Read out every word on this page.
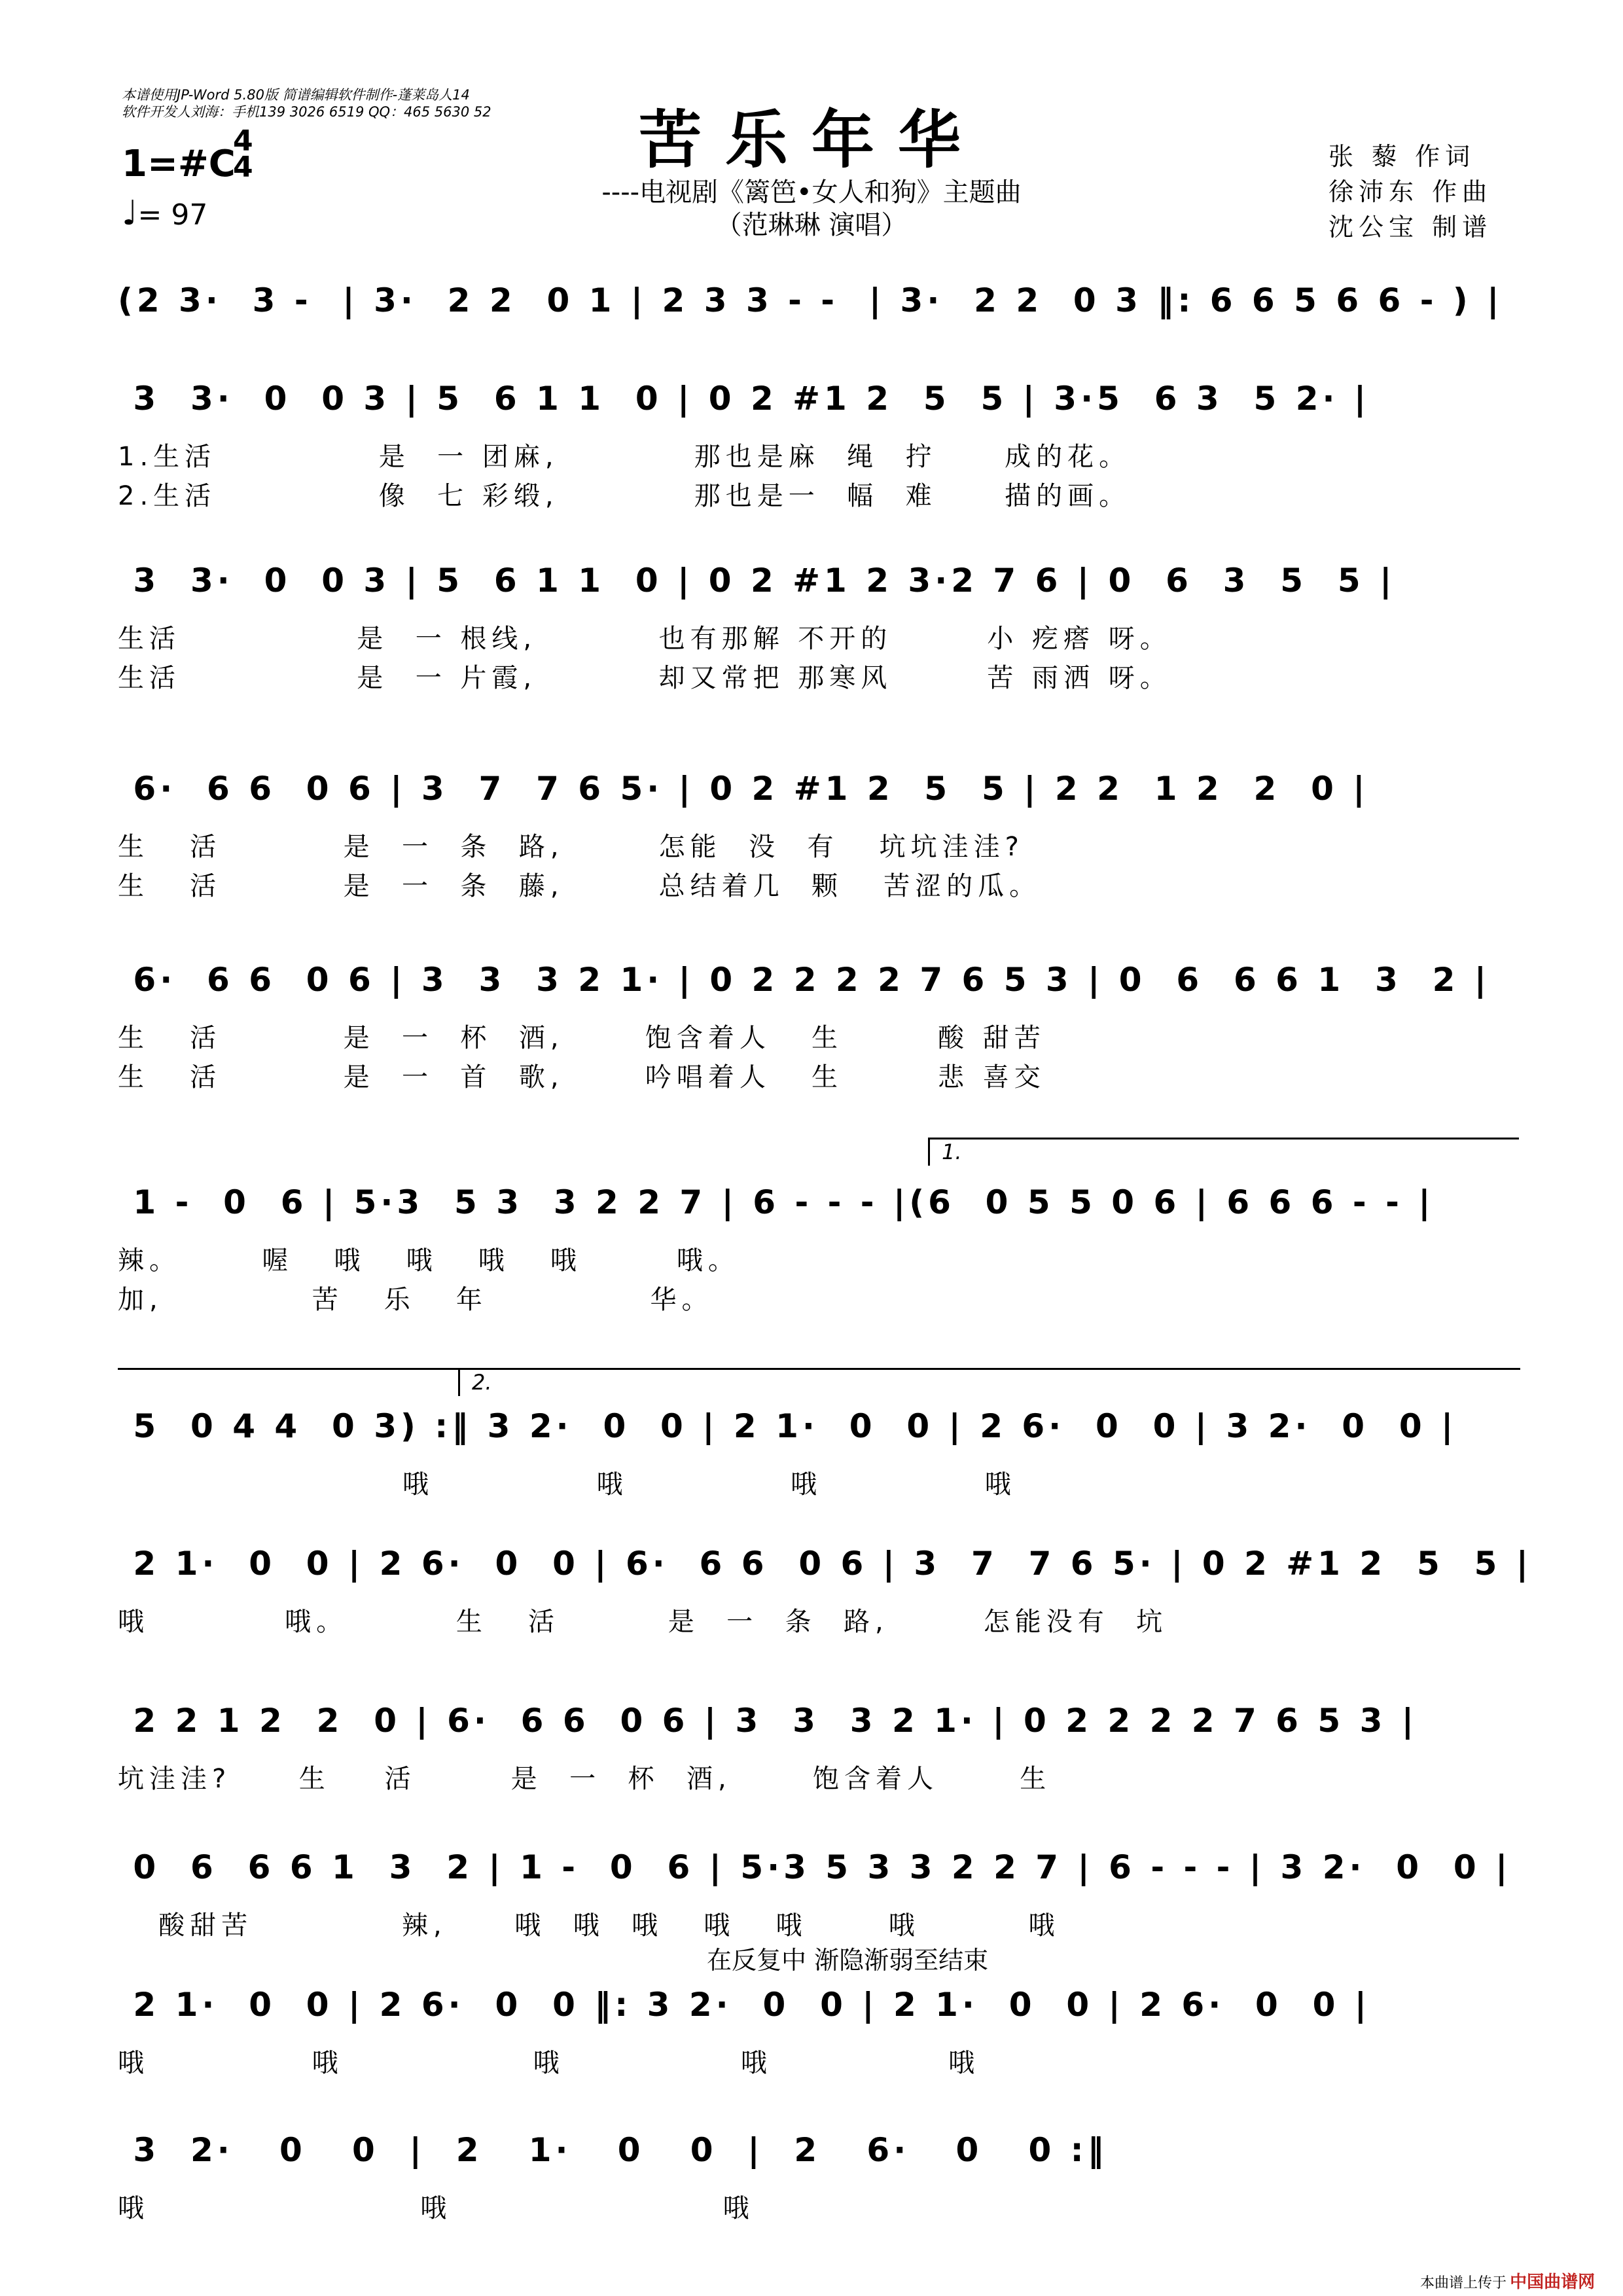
本谱使用JP-Word 5.80版 简谱编辑软件制作-蓬莱岛人14
软件开发人刘海：手机139 3026 6519 QQ：465 5630 52	苦乐年华
----电视剧《篱笆•女人和狗》主题曲
（范琳琳 演唱）
1=#C
4
4
♩= 97
张 藜 作词
徐沛东 作曲
沈公宝 制谱
(2 3·  3 -  | 3·  2 2  0 1 | 2 3 3 - -  | 3·  2 2  0 3 ‖: 6 6 5 6 6 - ) |
3  3·  0  0 3 | 5  6 1 1  0 | 0 2 #1 2  5  5 | 3·5  6 3  5 2· |
1.生活            是  一 团麻,          那也是麻  绳  拧     成的花。
2.生活            像  七 彩缎,          那也是一  幅  难     描的画。
3  3·  0  0 3 | 5  6 1 1  0 | 0 2 #1 2 3·2 7 6 | 0  6  3  5  5 |
生活             是  一 根线,         也有那解 不开的       小 疙瘩 呀。
生活             是  一 片霞,         却又常把 那寒风       苦 雨洒 呀。
6·  6 6  0 6 | 3  7  7 6 5· | 0 2 #1 2  5  5 | 2 2  1 2  2  0 |
生   活         是  一  条  路,       怎能  没  有   坑坑洼洼?
生   活         是  一  条  藤,       总结着几  颗   苦涩的瓜。
6·  6 6  0 6 | 3  3  3 2 1· | 0 2 2 2 2 7 6 5 3 | 0  6  6 6 1  3  2 |
生   活         是  一  杯  酒,      饱含着人   生       酸 甜苦
生   活         是  一  首  歌,      吟唱着人   生       悲 喜交
1.
1 -  0  6 | 5·3  5 3  3 2 2 7 | 6 - - - |(6  0 5 5 0 6 | 6 6 6 - - |
辣。      喔   哦   哦   哦   哦       哦。
加,           苦   乐   年            华。
2.
5  0 4 4  0 3) :‖ 3 2·  0  0 | 2 1·  0  0 | 2 6·  0  0 | 3 2·  0  0 |
哦            哦            哦            哦
2 1·  0  0 | 2 6·  0  0 | 6·  6 6  0 6 | 3  7  7 6 5· | 0 2 #1 2  5  5 |
哦          哦。        生   活        是  一  条  路,       怎能没有  坑
2 2 1 2  2  0 | 6·  6 6  0 6 | 3  3  3 2 1· | 0 2 2 2 2 7 6 5 3 |
坑洼洼?     生    活       是  一  杯  酒,      饱含着人      生
0  6  6 6 1  3  2 | 1 -  0  6 | 5·3 5 3 3 2 2 7 | 6 - - - | 3 2·  0  0 |
酸甜苦           辣,     哦  哦  哦   哦   哦      哦        哦
在反复中 渐隐渐弱至结束
2 1·  0  0 | 2 6·  0  0 ‖: 3 2·  0  0 | 2 1·  0  0 | 2 6·  0  0 |
哦            哦              哦             哦             哦
3  2·   0   0  |  2   1·   0   0  |  2   6·   0   0 :‖
哦                    哦                    哦
本曲谱上传于 中国曲谱网
